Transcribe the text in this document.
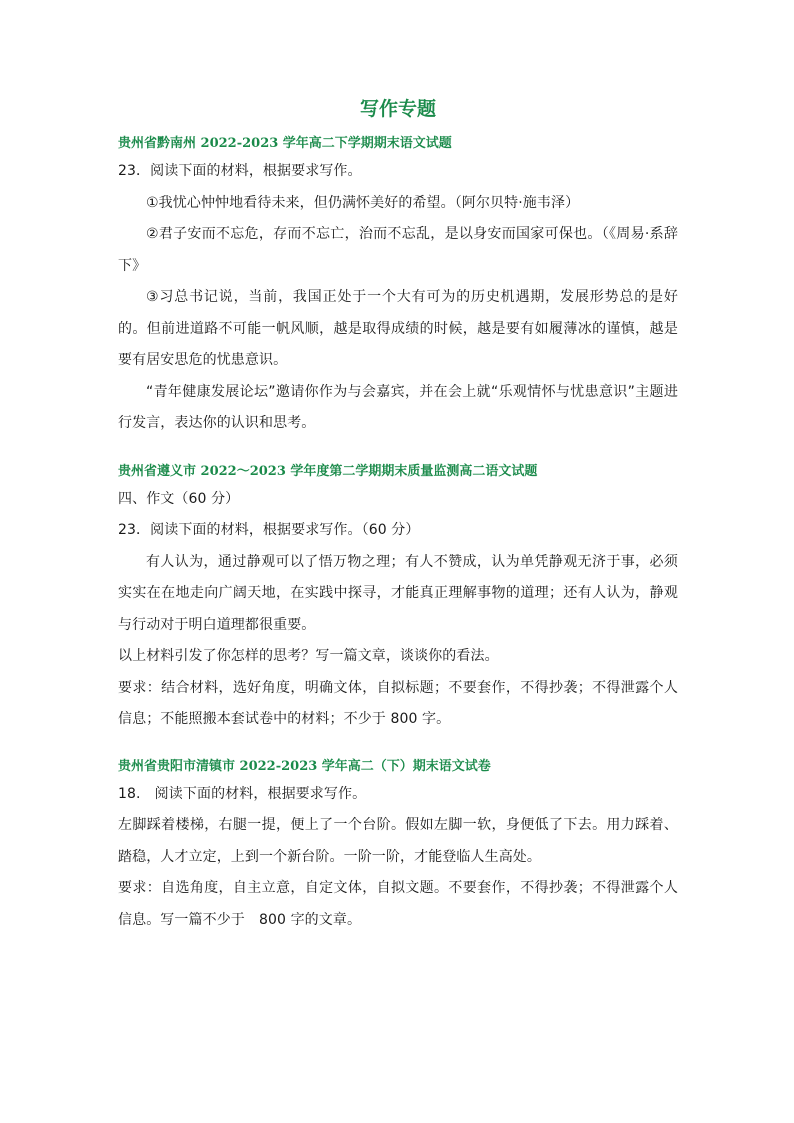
写作专题

贵州省黔南州 2022-2023 学年高二下学期期末语文试题

23．阅读下面的材料，根据要求写作。

①我忧心忡忡地看待未来，但仍满怀美好的希望。（阿尔贝特·施韦泽）

②君子安而不忘危，存而不忘亡，治而不忘乱，是以身安而国家可保也。（《周易·系辞下》

③习总书记说，当前，我国正处于一个大有可为的历史机遇期，发展形势总的是好的。但前进道路不可能一帆风顺，越是取得成绩的时候，越是要有如履薄冰的谨慎，越是要有居安思危的忧患意识。

“青年健康发展论坛”邀请你作为与会嘉宾，并在会上就“乐观情怀与忧患意识”主题进行发言，表达你的认识和思考。

贵州省遵义市 2022～2023 学年度第二学期期末质量监测高二语文试题

四、作文（60 分）

23．阅读下面的材料，根据要求写作。（60 分）

有人认为，通过静观可以了悟万物之理；有人不赞成，认为单凭静观无济于事，必须实实在在地走向广阔天地，在实践中探寻，才能真正理解事物的道理；还有人认为，静观与行动对于明白道理都很重要。

以上材料引发了你怎样的思考？写一篇文章，谈谈你的看法。

要求：结合材料，选好角度，明确文体，自拟标题；不要套作，不得抄袭；不得泄露个人信息；不能照搬本套试卷中的材料；不少于 800 字。

贵州省贵阳市清镇市 2022-2023 学年高二（下）期末语文试卷

18.　阅读下面的材料，根据要求写作。

左脚踩着楼梯，右腿一提，便上了一个台阶。假如左脚一软，身便低了下去。用力踩着、踏稳，人才立定，上到一个新台阶。一阶一阶，才能登临人生高处。

要求：自选角度，自主立意，自定文体，自拟文题。不要套作，不得抄袭；不得泄露个人信息。写一篇不少于　800 字的文章。
